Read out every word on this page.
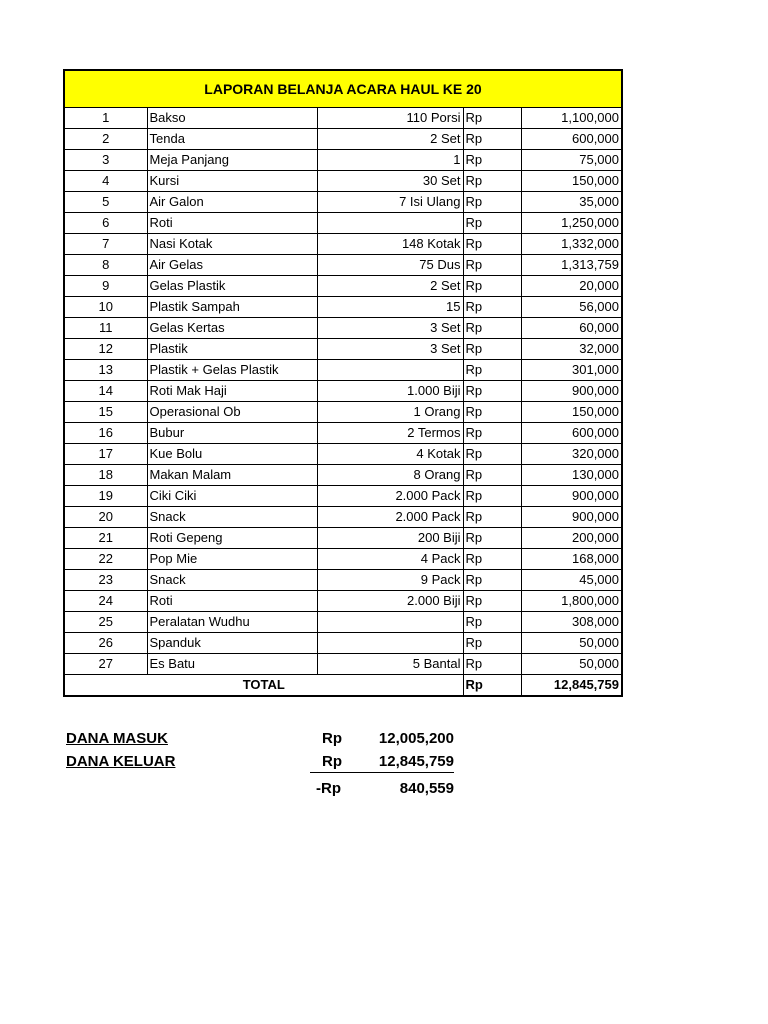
LAPORAN BELANJA ACARA HAUL KE 20
1	Bakso	110 Porsi	Rp	1,100,000
2	Tenda	2 Set	Rp	600,000
3	Meja Panjang	1	Rp	75,000
4	Kursi	30 Set	Rp	150,000
5	Air Galon	7 Isi Ulang	Rp	35,000
6	Roti		Rp	1,250,000
7	Nasi Kotak	148 Kotak	Rp	1,332,000
8	Air Gelas	75 Dus	Rp	1,313,759
9	Gelas Plastik	2 Set	Rp	20,000
10	Plastik Sampah	15	Rp	56,000
11	Gelas Kertas	3 Set	Rp	60,000
12	Plastik	3 Set	Rp	32,000
13	Plastik + Gelas Plastik		Rp	301,000
14	Roti Mak Haji	1.000 Biji	Rp	900,000
15	Operasional Ob	1 Orang	Rp	150,000
16	Bubur	2 Termos	Rp	600,000
17	Kue Bolu	4 Kotak	Rp	320,000
18	Makan Malam	8 Orang	Rp	130,000
19	Ciki Ciki	2.000 Pack	Rp	900,000
20	Snack	2.000 Pack	Rp	900,000
21	Roti Gepeng	200 Biji	Rp	200,000
22	Pop Mie	4 Pack	Rp	168,000
23	Snack	9 Pack	Rp	45,000
24	Roti	2.000 Biji	Rp	1,800,000
25	Peralatan Wudhu		Rp	308,000
26	Spanduk		Rp	50,000
27	Es Batu	5 Bantal	Rp	50,000
TOTAL			Rp	12,845,759
DANA MASUK	Rp	12,005,200
DANA KELUAR	Rp	12,845,759
-Rp	840,559
